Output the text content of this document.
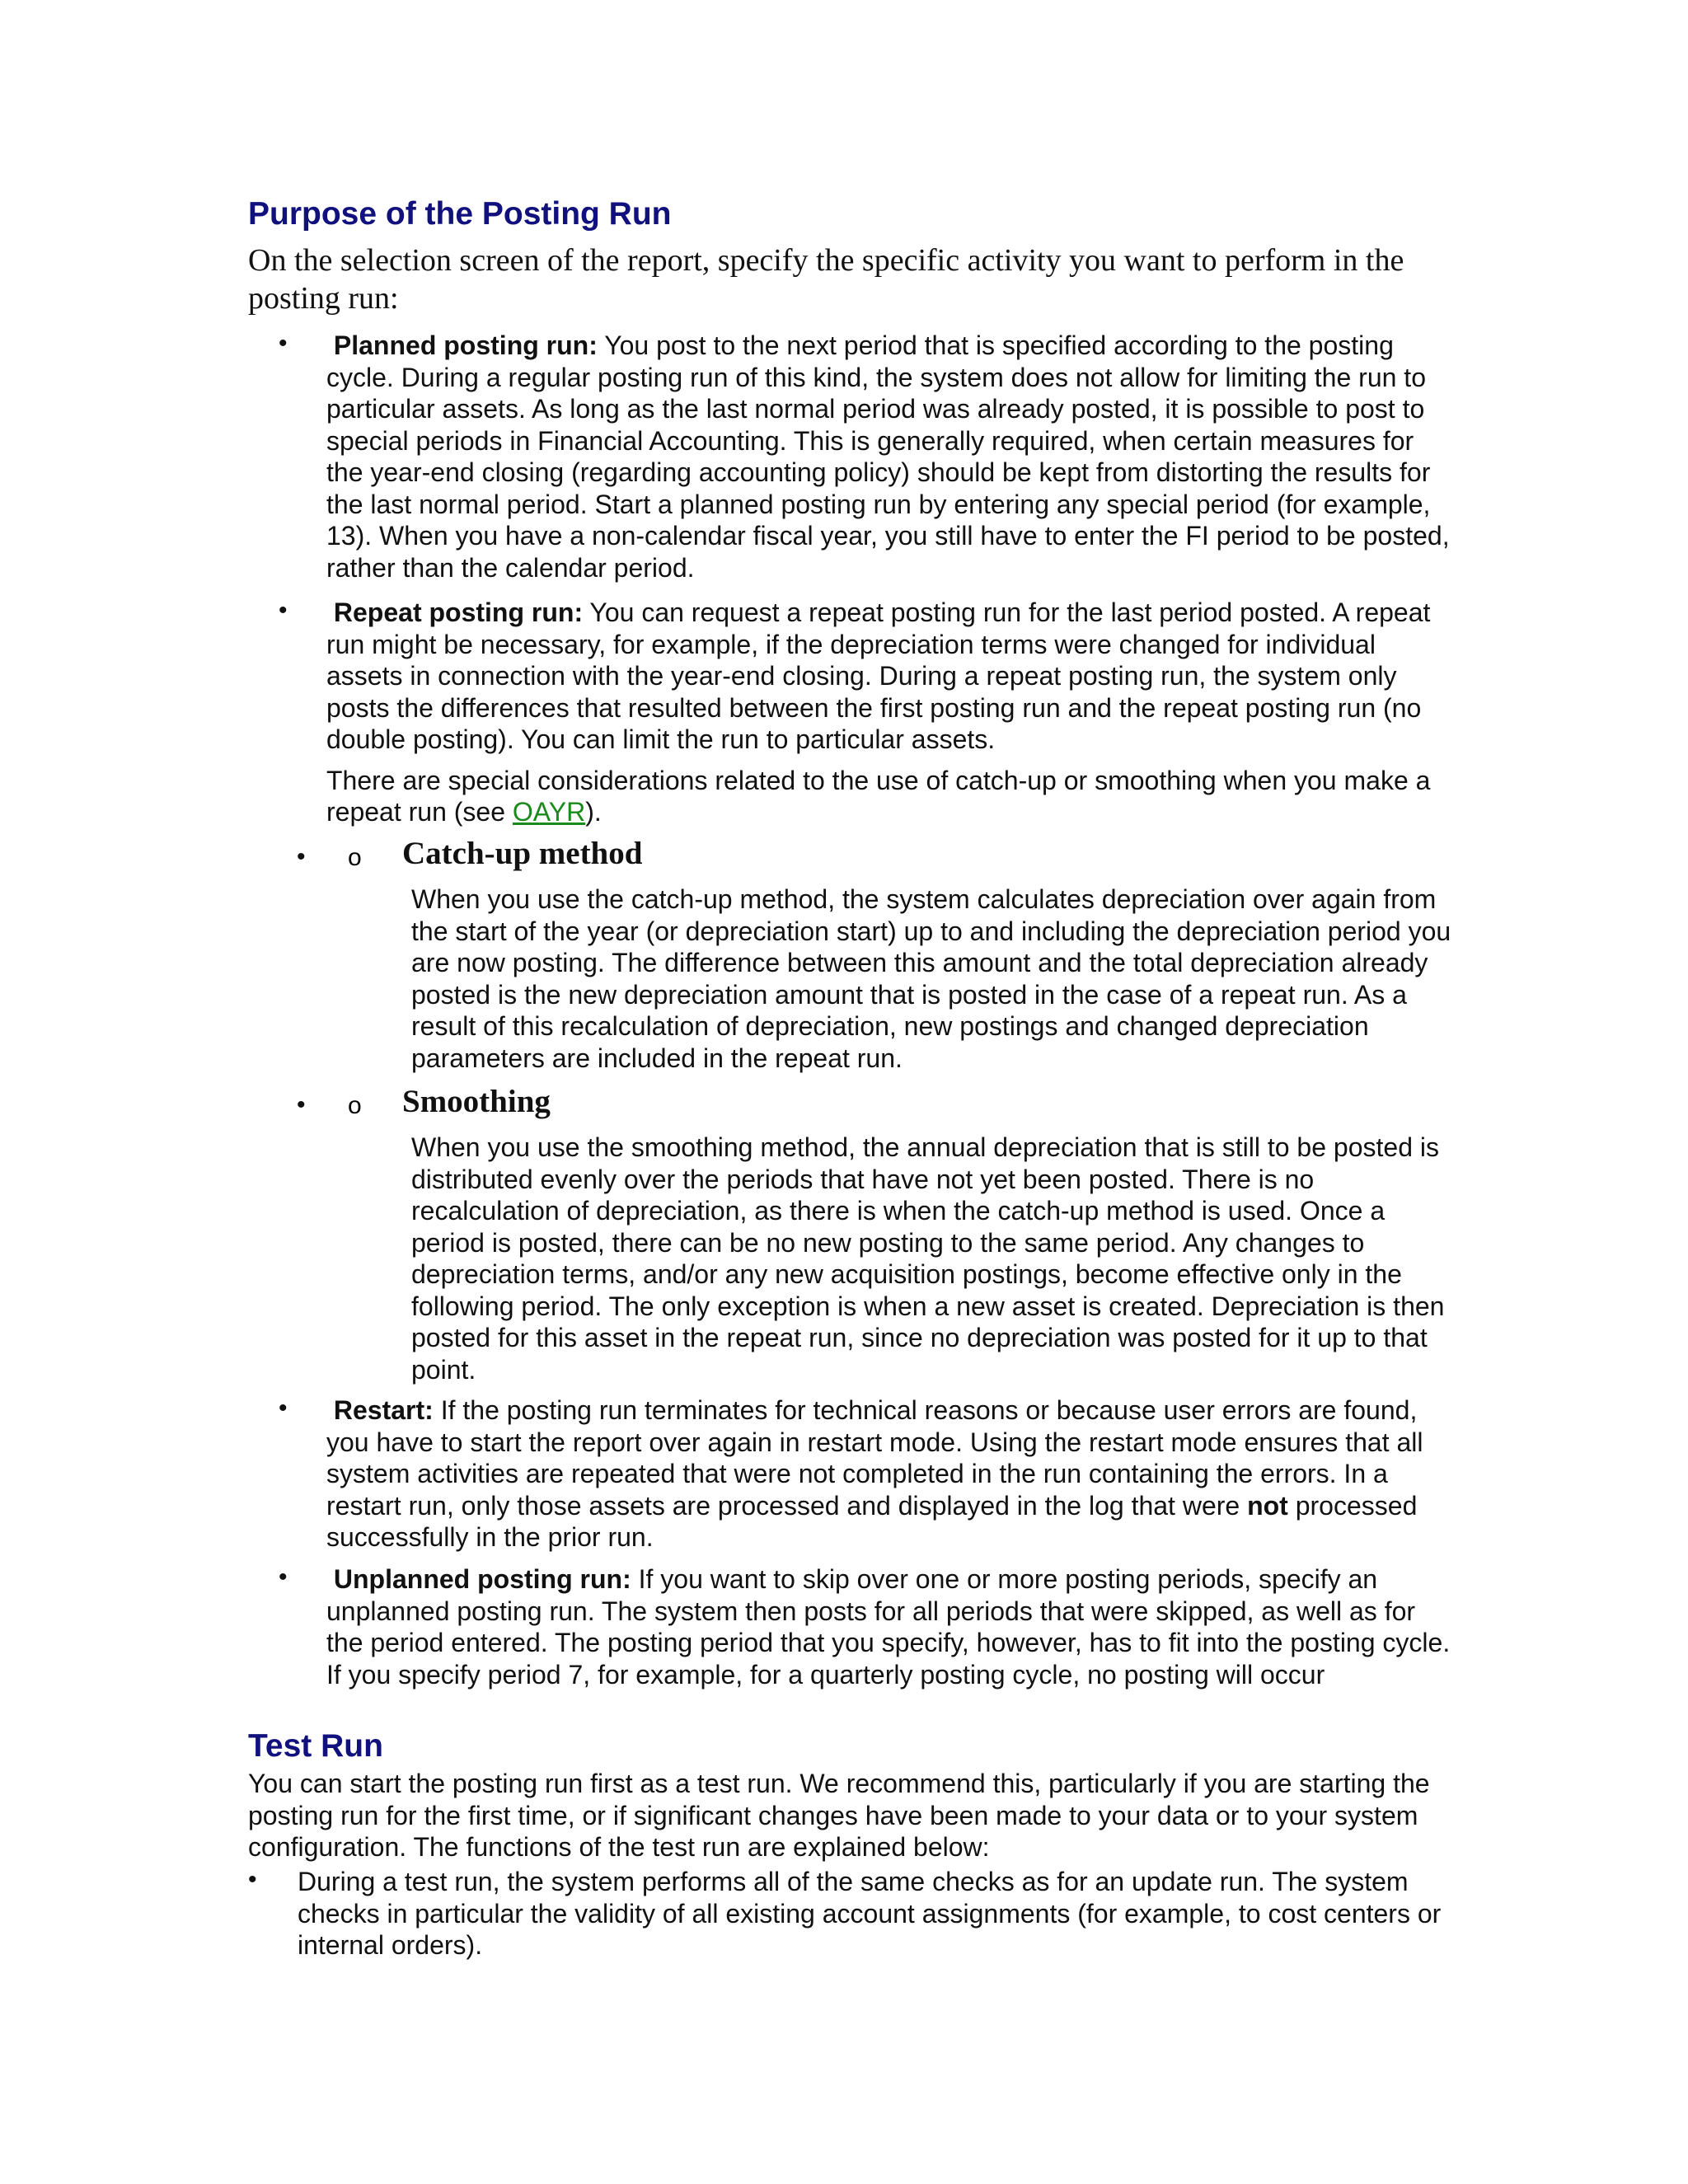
Purpose of the Posting Run

On the selection screen of the report, specify the specific activity you want to perform in the posting run:

• Planned posting run: You post to the next period that is specified according to the posting cycle. During a regular posting run of this kind, the system does not allow for limiting the run to particular assets. As long as the last normal period was already posted, it is possible to post to special periods in Financial Accounting. This is generally required, when certain measures for the year-end closing (regarding accounting policy) should be kept from distorting the results for the last normal period. Start a planned posting run by entering any special period (for example, 13). When you have a non-calendar fiscal year, you still have to enter the FI period to be posted, rather than the calendar period.

• Repeat posting run: You can request a repeat posting run for the last period posted. A repeat run might be necessary, for example, if the depreciation terms were changed for individual assets in connection with the year-end closing. During a repeat posting run, the system only posts the differences that resulted between the first posting run and the repeat posting run (no double posting). You can limit the run to particular assets.

There are special considerations related to the use of catch-up or smoothing when you make a repeat run (see OAYR).

• o Catch-up method

When you use the catch-up method, the system calculates depreciation over again from the start of the year (or depreciation start) up to and including the depreciation period you are now posting. The difference between this amount and the total depreciation already posted is the new depreciation amount that is posted in the case of a repeat run. As a result of this recalculation of depreciation, new postings and changed depreciation parameters are included in the repeat run.

• o Smoothing

When you use the smoothing method, the annual depreciation that is still to be posted is distributed evenly over the periods that have not yet been posted. There is no recalculation of depreciation, as there is when the catch-up method is used. Once a period is posted, there can be no new posting to the same period. Any changes to depreciation terms, and/or any new acquisition postings, become effective only in the following period. The only exception is when a new asset is created. Depreciation is then posted for this asset in the repeat run, since no depreciation was posted for it up to that point.

• Restart: If the posting run terminates for technical reasons or because user errors are found, you have to start the report over again in restart mode. Using the restart mode ensures that all system activities are repeated that were not completed in the run containing the errors. In a restart run, only those assets are processed and displayed in the log that were not processed successfully in the prior run.

• Unplanned posting run: If you want to skip over one or more posting periods, specify an unplanned posting run. The system then posts for all periods that were skipped, as well as for the period entered. The posting period that you specify, however, has to fit into the posting cycle. If you specify period 7, for example, for a quarterly posting cycle, no posting will occur

Test Run

You can start the posting run first as a test run. We recommend this, particularly if you are starting the posting run for the first time, or if significant changes have been made to your data or to your system configuration. The functions of the test run are explained below:

• During a test run, the system performs all of the same checks as for an update run. The system checks in particular the validity of all existing account assignments (for example, to cost centers or internal orders).
